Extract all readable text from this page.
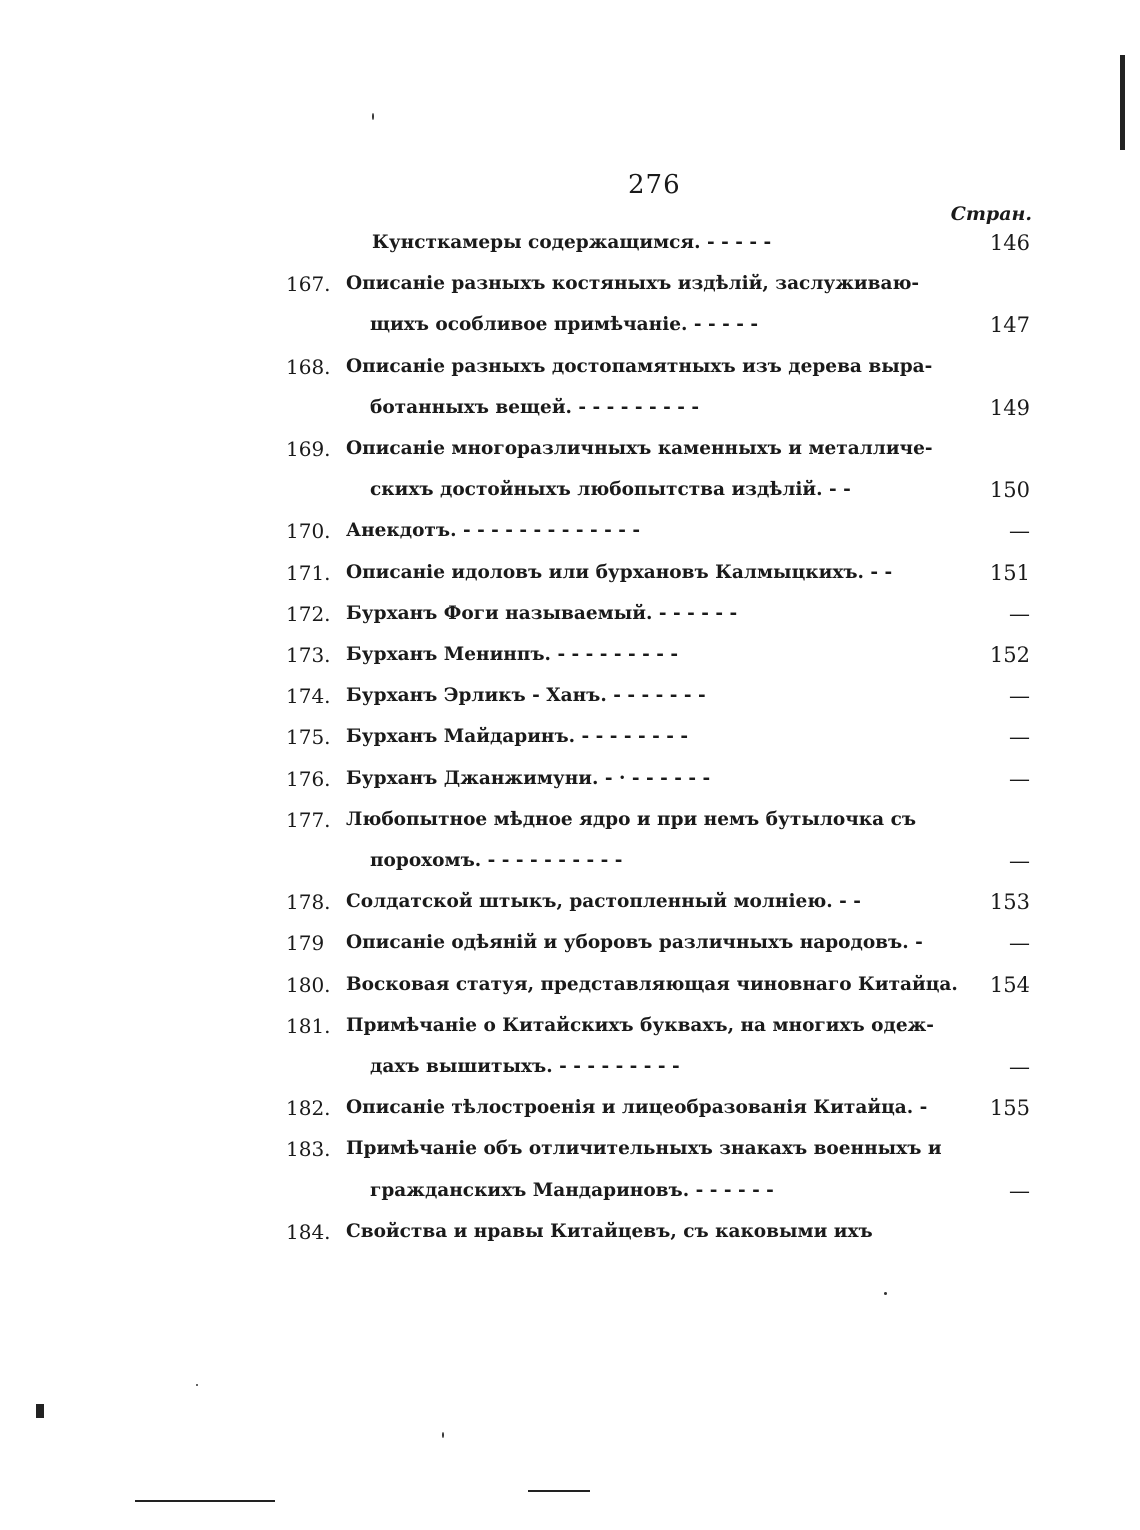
276
Стран.
Кунсткамеры содержащимся. - - - - -	146
167. Описаніе разныхъ костяныхъ издѣлій, заслуживаю-
щихъ особливое примѣчаніе. - - - - -	147
168. Описаніе разныхъ достопамятныхъ изъ дерева выра-
ботанныхъ вещей. - - - - - - - - -	149
169. Описаніе многоразличныхъ каменныхъ и металличе-
скихъ достойныхъ любопытства издѣлій. - -	150
170. Анекдотъ. - - - - - - - - - - - - -	—
171. Описаніе идоловъ или бурхановъ Калмыцкихъ. - -	151
172. Бурханъ Фоги называемый. - - - - - -	—
173. Бурханъ Менинпъ. - - - - - - - - -	152
174. Бурханъ Эрликъ - Ханъ. - - - - - - -	—
175. Бурханъ Майдаринъ. - - - - - - - -	—
176. Бурханъ Джанжимуни. - · - - - - - -	—
177. Любопытное мѣдное ядро и при немъ бутылочка съ
порохомъ. - - - - - - - - - -	—
178. Солдатской штыкъ, растопленный молніею. - -	153
179 Описаніе одѣяній и уборовъ различныхъ народовъ. -	—
180. Восковая статуя, представляющая чиновнаго Китайца. 154
181. Примѣчаніе о Китайскихъ буквахъ, на многихъ одеж-
дахъ вышитыхъ. - - - - - - - - -	—
182. Описаніе тѣлостроенія и лицеобразованія Китайца. -	155
183. Примѣчаніе объ отличительныхъ знакахъ военныхъ и
гражданскихъ Мандариновъ. - - - - - -	—
184. Свойства и нравы Китайцевъ, съ каковыми ихъ
